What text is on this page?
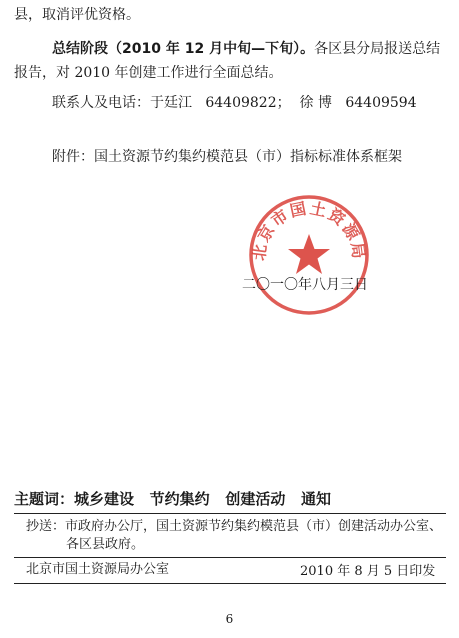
县，取消评优资格。
总结阶段（2010 年 12 月中旬—下旬）。各区县分局报送总结
报告，对 2010 年创建工作进行全面总结。
联系人及电话：于廷江 64409822； 徐 博 64409594
附件：国土资源节约集约模范县（市）指标标准体系框架
北京市国土资源局
二〇一〇年八月三日
主题词：城乡建设   节约集约   创建活动   通知
抄送：市政府办公厅，国土资源节约集约模范县（市）创建活动办公室、
各区县政府。
北京市国土资源局办公室	2010 年 8 月 5 日印发
6
